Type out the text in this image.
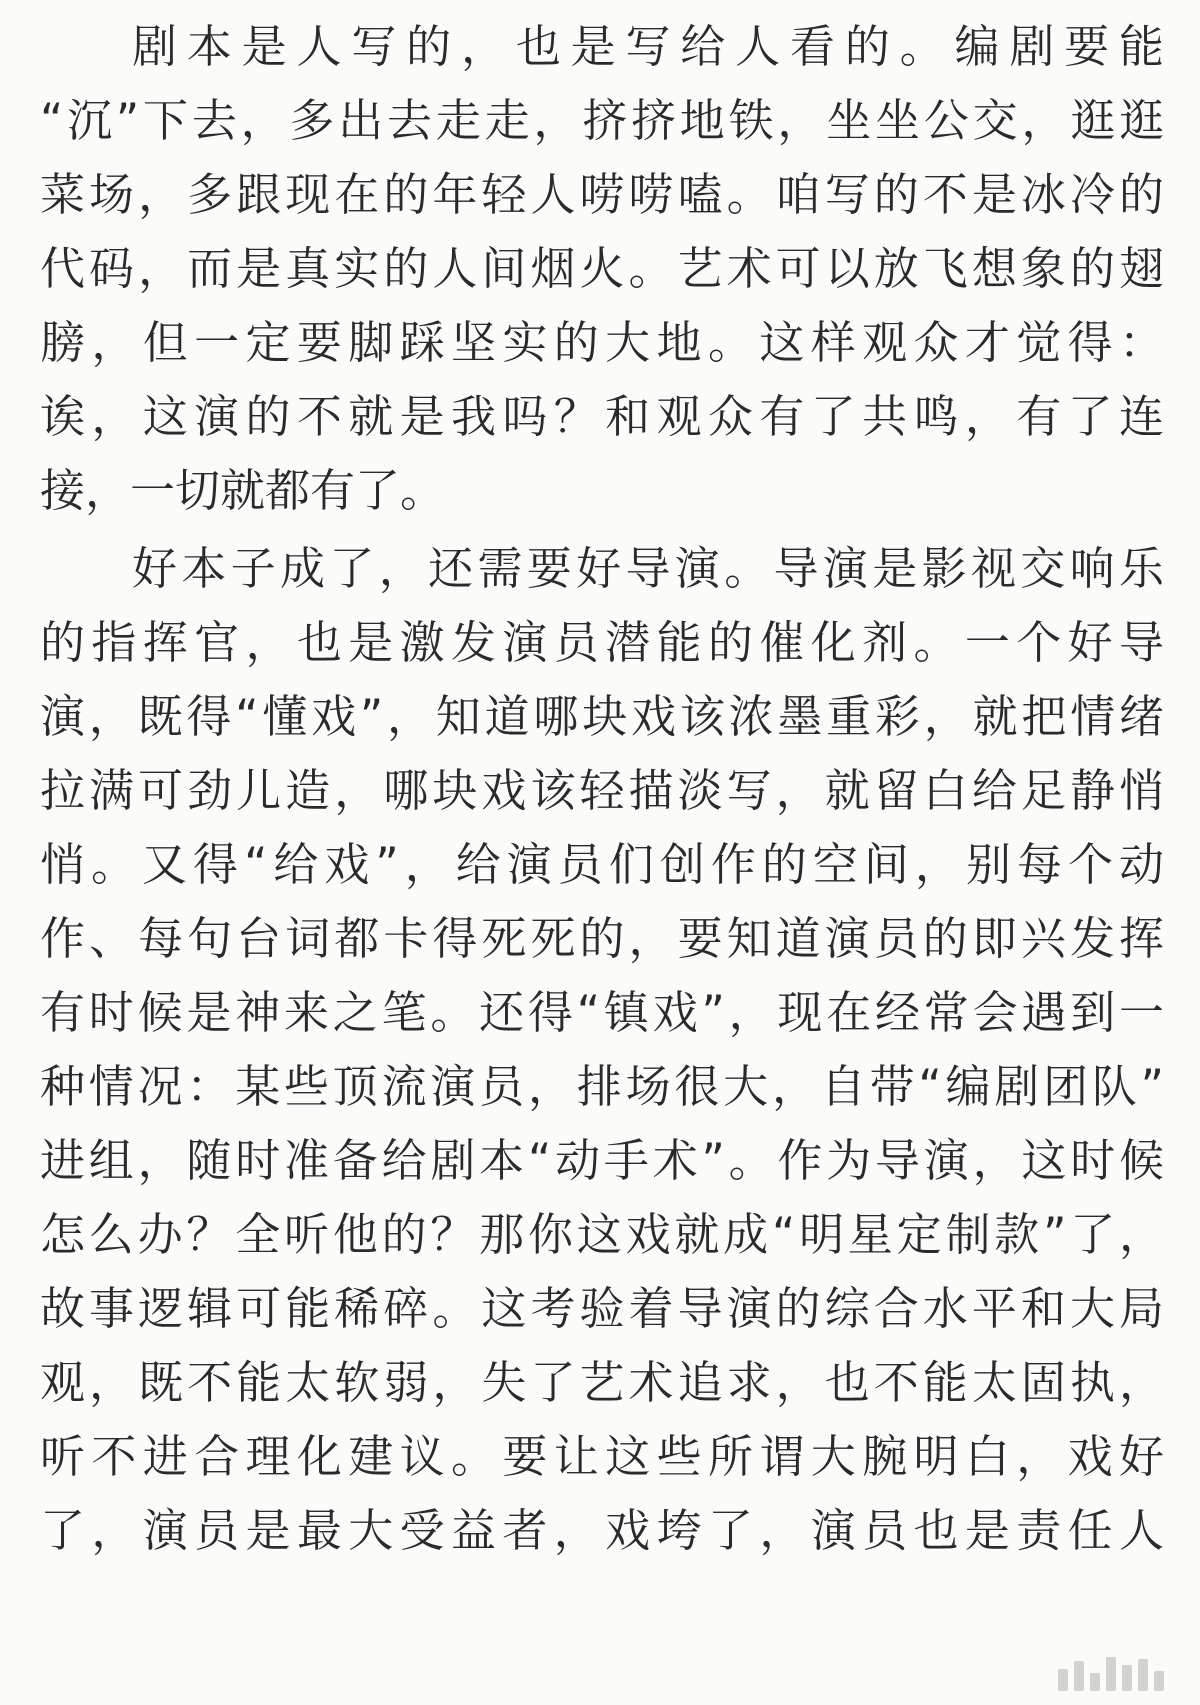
剧本是人写的，也是写给人看的。编剧要能
“沉”下去，多出去走走，挤挤地铁，坐坐公交，逛逛
菜场，多跟现在的年轻人唠唠嗑。咱写的不是冰冷的
代码，而是真实的人间烟火。艺术可以放飞想象的翅
膀，但一定要脚踩坚实的大地。这样观众才觉得：
诶，这演的不就是我吗？和观众有了共鸣，有了连
接，一切就都有了。
好本子成了，还需要好导演。导演是影视交响乐
的指挥官，也是激发演员潜能的催化剂。一个好导
演，既得“懂戏”，知道哪块戏该浓墨重彩，就把情绪
拉满可劲儿造，哪块戏该轻描淡写，就留白给足静悄
悄。又得“给戏”，给演员们创作的空间，别每个动
作、每句台词都卡得死死的，要知道演员的即兴发挥
有时候是神来之笔。还得“镇戏”，现在经常会遇到一
种情况：某些顶流演员，排场很大，自带“编剧团队”
进组，随时准备给剧本“动手术”。作为导演，这时候
怎么办？全听他的？那你这戏就成“明星定制款”了，
故事逻辑可能稀碎。这考验着导演的综合水平和大局
观，既不能太软弱，失了艺术追求，也不能太固执，
听不进合理化建议。要让这些所谓大腕明白，戏好
了，演员是最大受益者，戏垮了，演员也是责任人
